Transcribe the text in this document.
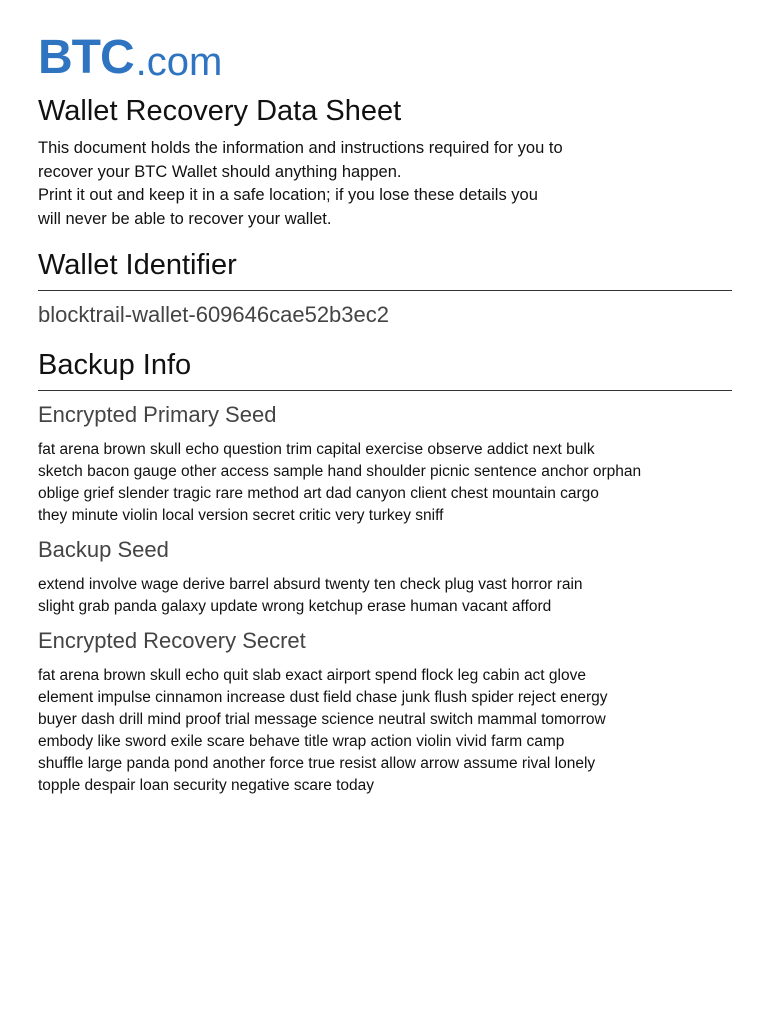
BTC .com
Wallet Recovery Data Sheet

This document holds the information and instructions required for you to

recover your BTC Wallet should anything happen.

Print it out and keep it in a safe location; if you lose these details you

will never be able to recover your wallet.

Wallet Identifier
blocktrail-wallet-609646cae52b3ec2
Backup Info
Encrypted Primary Seed
fat arena brown skull echo question trim capital exercise observe addict next bulk
sketch bacon gauge other access sample hand shoulder picnic sentence anchor orphan
oblige grief slender tragic rare method art dad canyon client chest mountain cargo
they minute violin local version secret critic very turkey sniff
Backup Seed
extend involve wage derive barrel absurd twenty ten check plug vast horror rain
slight grab panda galaxy update wrong ketchup erase human vacant afford
Encrypted Recovery Secret
fat arena brown skull echo quit slab exact airport spend flock leg cabin act glove
element impulse cinnamon increase dust field chase junk flush spider reject energy
buyer dash drill mind proof trial message science neutral switch mammal tomorrow
embody like sword exile scare behave title wrap action violin vivid farm camp
shuffle large panda pond another force true resist allow arrow assume rival lonely
topple despair loan security negative scare today
